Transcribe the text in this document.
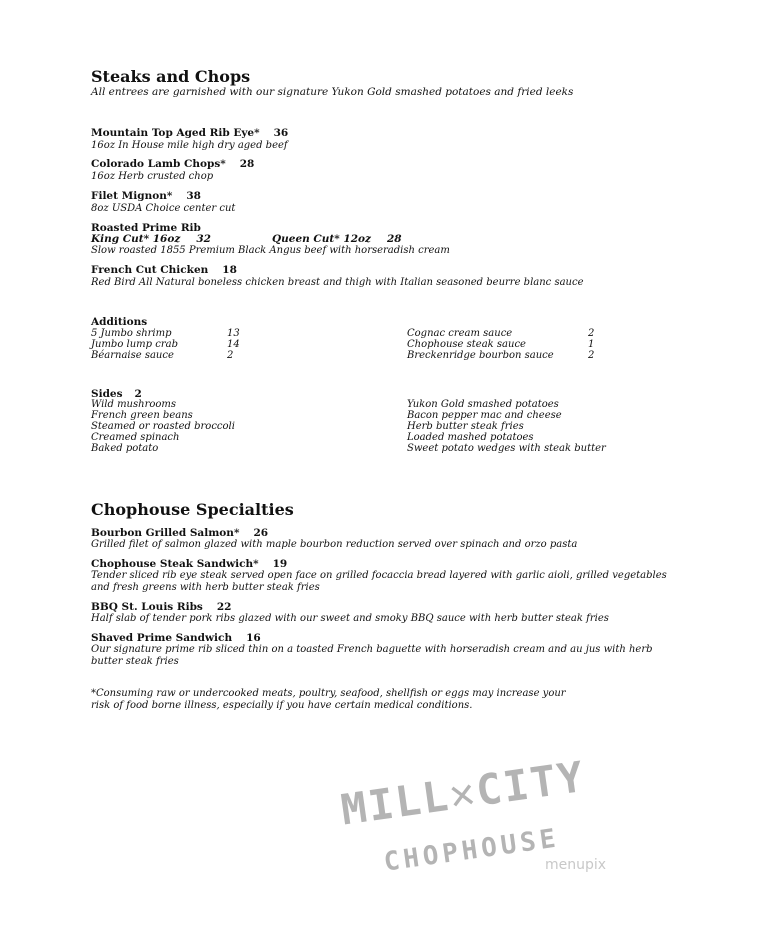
Steaks and Chops
All entrees are garnished with our signature Yukon Gold smashed potatoes and fried leeks
Mountain Top Aged Rib Eye* 36
16oz In House mile high dry aged beef
Colorado Lamb Chops* 28
16oz Herb crusted chop
Filet Mignon* 38
8oz USDA Choice center cut
Roasted Prime Rib
King Cut* 16oz 32	Queen Cut* 12oz 28
Slow roasted 1855 Premium Black Angus beef with horseradish cream
French Cut Chicken 18
Red Bird All Natural boneless chicken breast and thigh with Italian seasoned beurre blanc sauce
Additions
5 Jumbo shrimp	13
Jumbo lump crab	14
Béarnaise sauce	2
Cognac cream sauce	2
Chophouse steak sauce	1
Breckenridge bourbon sauce	2
Sides 2
Wild mushrooms
French green beans
Steamed or roasted broccoli
Creamed spinach
Baked potato
Yukon Gold smashed potatoes
Bacon pepper mac and cheese
Herb butter steak fries
Loaded mashed potatoes
Sweet potato wedges with steak butter
Chophouse Specialties
Bourbon Grilled Salmon* 26
Grilled filet of salmon glazed with maple bourbon reduction served over spinach and orzo pasta
Chophouse Steak Sandwich* 19
Tender sliced rib eye steak served open face on grilled focaccia bread layered with garlic aioli, grilled vegetables and fresh greens with herb butter steak fries
BBQ St. Louis Ribs 22
Half slab of tender pork ribs glazed with our sweet and smoky BBQ sauce with herb butter steak fries
Shaved Prime Sandwich 16
Our signature prime rib sliced thin on a toasted French baguette with horseradish cream and au jus with herb butter steak fries
*Consuming raw or undercooked meats, poultry, seafood, shellfish or eggs may increase your
risk of food borne illness, especially if you have certain medical conditions.
MILL✕CITY
CHOPHOUSE
menupix
